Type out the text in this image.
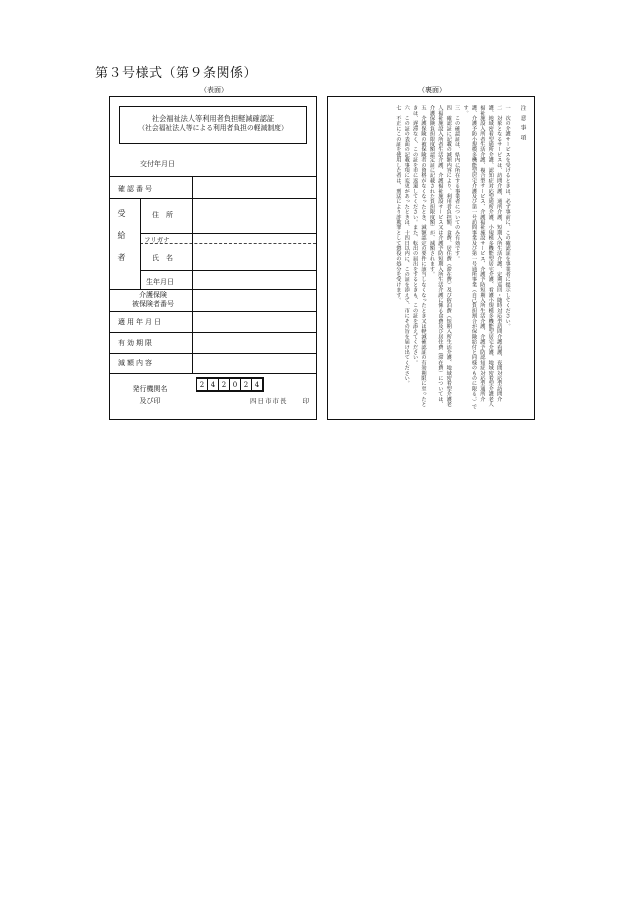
第３号様式（第９条関係）
（表面）	（裏面）
社会福祉法人等利用者負担軽減確認証
（社会福祉法人等による利用者負担の軽減制度）
交付年月日
確認番号
受給者	住　所
フリガナ
氏　名
生年月日
介護保険
被保険者番号
適用年月日
有効期限
減額内容
発行機関名
及び印
2 4 2 0 2 4
四日市市長　　印

注意事項

一　次の介護サービスを受けるときは、必ず事前に、この確認証を事業者に提示してください。

二　対象となるサービスは、訪問介護、通所介護、短期入所生活介護、定期巡回・随時対応型訪問介護看護、夜間対応型訪問介護、地域密着型通所介護、認知症対応型通所介護、小規模多機能型居宅介護、看護小規模多機能型居宅介護、地域密着型介護老人福祉施設入所者生活介護、複合型サービス、介護福祉施設サービス、介護予防短期入所生活介護、介護予防認知症対応型通所介護、介護予防小規模多機能型居宅介護及び第一号訪問事業及び第一号通所事業（自己負担割合が保険給付と同様のものに限る。）です。

三　この確認証は、県内に所在する事業者についてのみ有効です。

四　確認証に記載の減額内容により、利用者負担額、食費、居住費（滞在費）及び宿泊費（短期入所生活介護、地域密着型介護老人福祉施設入所者生活介護、介護福祉施設サービス又は介護予防短期入所生活介護に係る食費及び居住費（滞在費）については、介護保険負担限度額認定証に記載された負担限度額）が、減額されます。

五　介護保険の被保険者の資格がなくなったとき、減額認定の要件に該当しなくなったとき又は軽減確認証の有効期限に至ったときは、遅滞なく、この証を市に返還してください。また、転出の届出をするときも、この証を添えてください。

六　この証の表面の記載事項に変更があったときは、十四日以内に、この証を添えて、市にその旨を届け出てください。

七　不正にこの証を使用した者は、刑法により詐欺罪として懲役の処分を受けます。
